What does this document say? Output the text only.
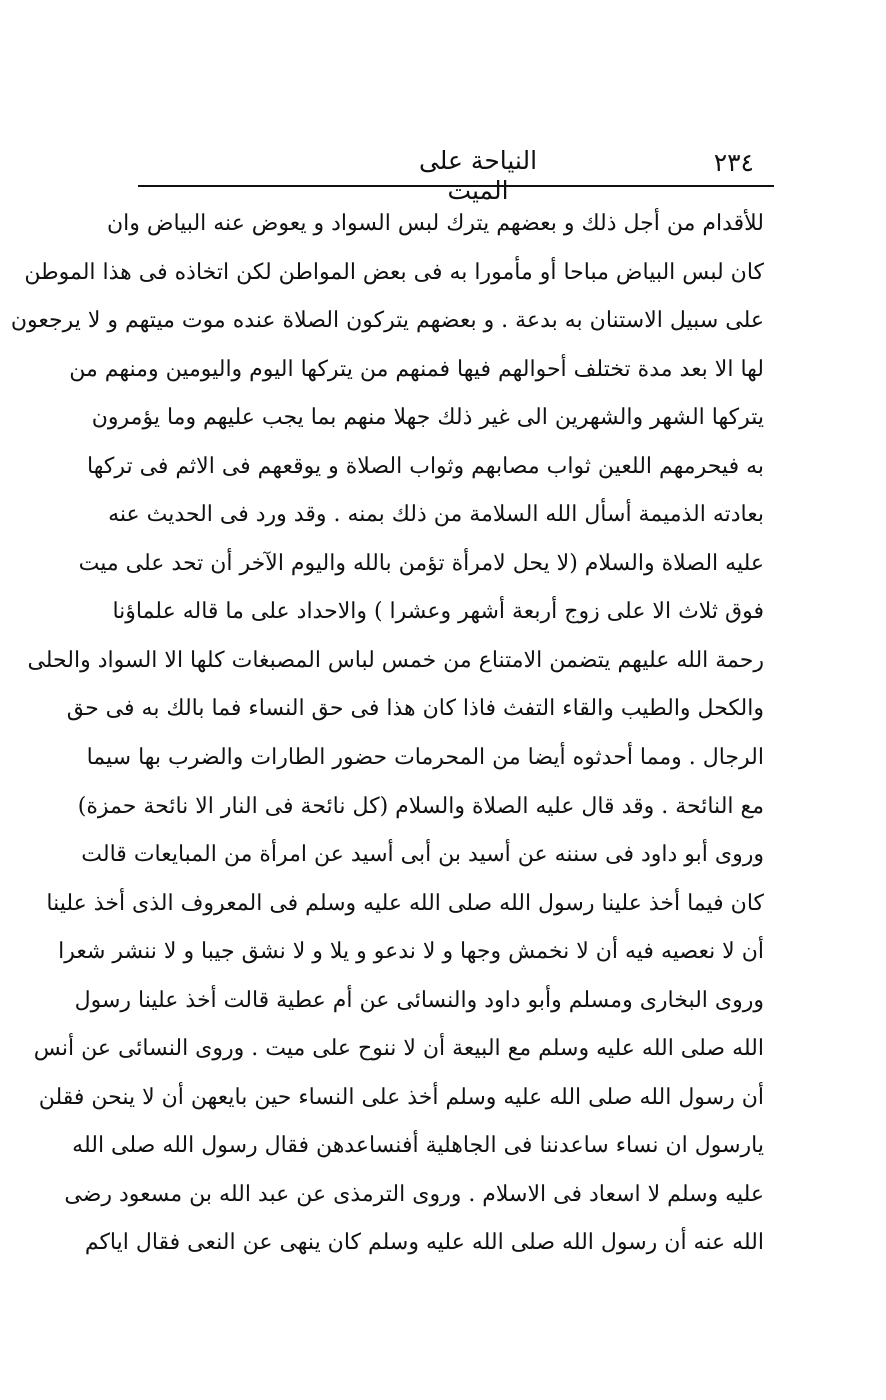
٢٣٤
النياحة على الميت
للأقدام من أجل ذلك و بعضهم يترك لبس السواد و يعوض عنه البياض وان
كان لبس البياض مباحا أو مأمورا به فى بعض المواطن لكن اتخاذه فى هذا الموطن
على سبيل الاستنان به بدعة . و بعضهم يتركون الصلاة عنده موت ميتهم و لا يرجعون
لها الا بعد مدة تختلف أحوالهم فيها فمنهم من يتركها اليوم واليومين ومنهم من
يتركها الشهر والشهرين الى غير ذلك جهلا منهم بما يجب عليهم وما يؤمرون
به فيحرمهم اللعين ثواب مصابهم وثواب الصلاة و يوقعهم فى الاثم فى تركها
بعادته الذميمة أسأل الله السلامة من ذلك بمنه . وقد ورد فى الحديث عنه
عليه الصلاة والسلام (لا يحل لامرأة تؤمن بالله واليوم الآخر أن تحد على ميت
فوق ثلاث الا على زوج أربعة أشهر وعشرا ) والاحداد على ما قاله علماؤنا
رحمة الله عليهم يتضمن الامتناع من خمس لباس المصبغات كلها الا السواد والحلى
والكحل والطيب والقاء التفث فاذا كان هذا فى حق النساء فما بالك به فى حق
الرجال . ومما أحدثوه أيضا من المحرمات حضور الطارات والضرب بها سيما
مع النائحة . وقد قال عليه الصلاة والسلام (كل نائحة فى النار الا نائحة حمزة)
وروى أبو داود فى سننه عن أسيد بن أبى أسيد عن امرأة من المبايعات قالت
كان فيما أخذ علينا رسول الله صلى الله عليه وسلم فى المعروف الذى أخذ علينا
أن لا نعصيه فيه أن لا نخمش وجها و لا ندعو و يلا و لا نشق جيبا و لا ننشر شعرا
وروى البخارى ومسلم وأبو داود والنسائى عن أم عطية قالت أخذ علينا رسول
الله صلى الله عليه وسلم مع البيعة أن لا ننوح على ميت . وروى النسائى عن أنس
أن رسول الله صلى الله عليه وسلم أخذ على النساء حين بايعهن أن لا ينحن فقلن
يارسول ان نساء ساعدننا فى الجاهلية أفنساعدهن فقال رسول الله صلى الله
عليه وسلم لا اسعاد فى الاسلام . وروى الترمذى عن عبد الله بن مسعود رضى
الله عنه أن رسول الله صلى الله عليه وسلم كان ينهى عن النعى فقال اياكم
